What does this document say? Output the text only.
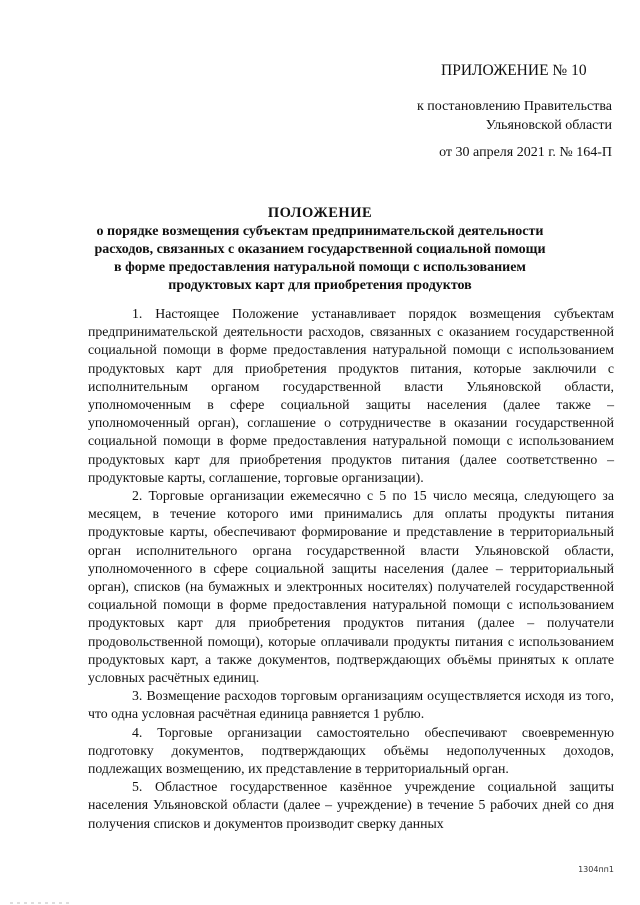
ПРИЛОЖЕНИЕ № 10
к постановлению Правительства
Ульяновской области
от 30 апреля 2021 г. № 164-П
ПОЛОЖЕНИЕ
о порядке возмещения субъектам предпринимательской деятельности
расходов, связанных с оказанием государственной социальной помощи
в форме предоставления натуральной помощи с использованием
продуктовых карт для приобретения продуктов

1. Настоящее Положение устанавливает порядок возмещения субъектам предпринимательской деятельности расходов, связанных с оказанием государственной социальной помощи в форме предоставления натуральной помощи с использованием продуктовых карт для приобретения продуктов питания, которые заключили с исполнительным органом государственной власти Ульяновской области, уполномоченным в сфере социальной защиты населения (далее также – уполномоченный орган), соглашение о сотрудничестве в оказании государственной социальной помощи в форме предоставления натуральной помощи с использованием продуктовых карт для приобретения продуктов питания (далее соответственно – продуктовые карты, соглашение, торговые организации).

2. Торговые организации ежемесячно с 5 по 15 число месяца, следующего за месяцем, в течение которого ими принимались для оплаты продукты питания продуктовые карты, обеспечивают формирование и представление в территориальный орган исполнительного органа государственной власти Ульяновской области, уполномоченного в сфере социальной защиты населения (далее – территориальный орган), списков (на бумажных и электронных носителях) получателей государственной социальной помощи в форме предоставления натуральной помощи с использованием продуктовых карт для приобретения продуктов питания (далее – получатели продовольственной помощи), которые оплачивали продукты питания с использованием продуктовых карт, а также документов, подтверждающих объёмы принятых к оплате условных расчётных единиц.

3. Возмещение расходов торговым организациям осуществляется исходя из того, что одна условная расчётная единица равняется 1 рублю.

4. Торговые организации самостоятельно обеспечивают своевременную подготовку документов, подтверждающих объёмы недополученных доходов, подлежащих возмещению, их представление в территориальный орган.

5. Областное государственное казённое учреждение социальной защиты населения Ульяновской области (далее – учреждение) в течение 5 рабочих дней со дня получения списков и документов производит сверку данных

1304пп1
